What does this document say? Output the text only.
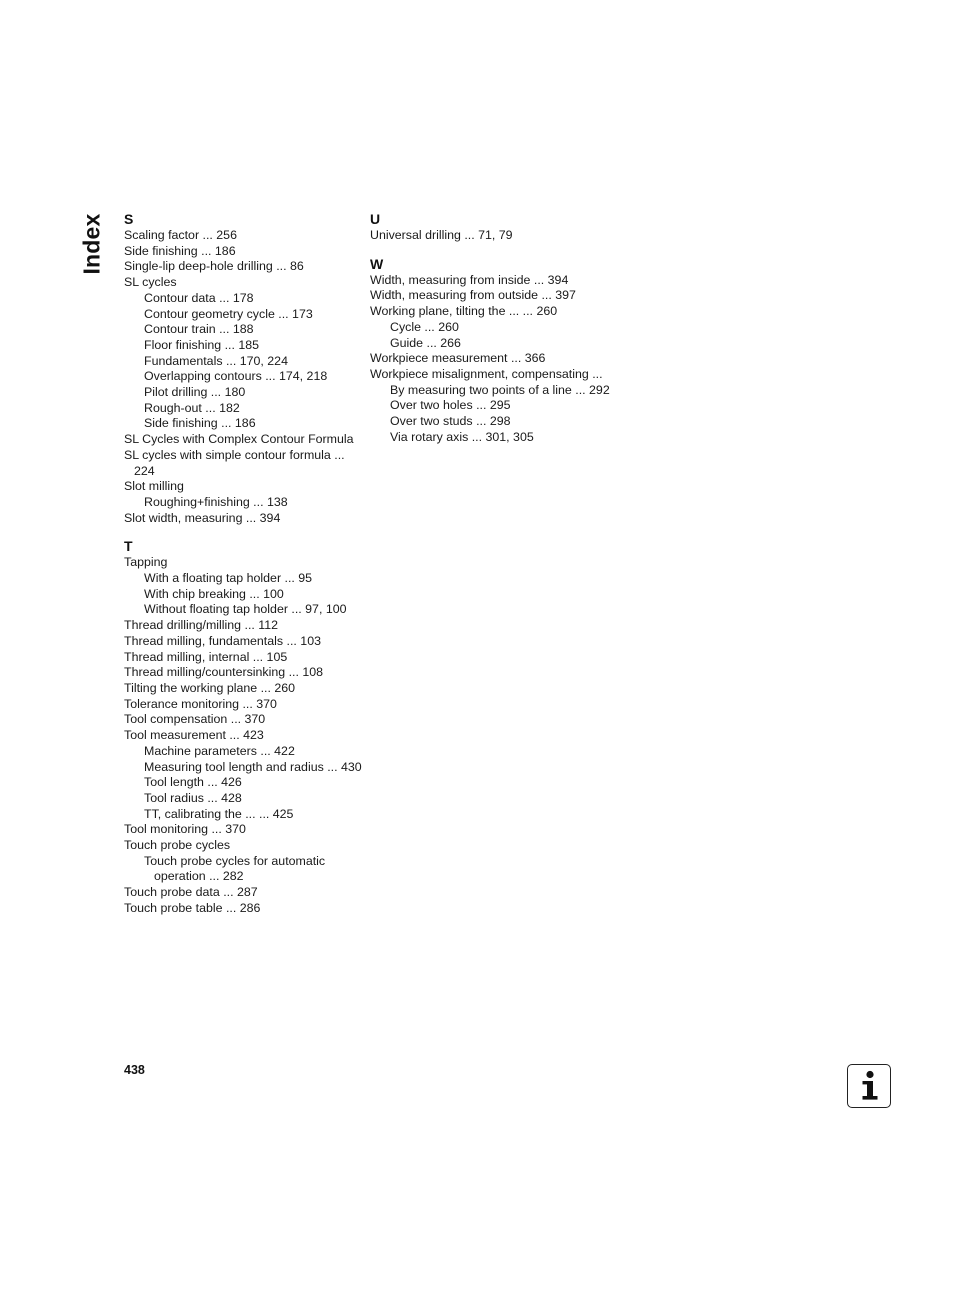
Index S
Scaling factor ... 256
Side finishing ... 186
Single-lip deep-hole drilling ... 86
SL cycles
Contour data ... 178
Contour geometry cycle ... 173
Contour train ... 188
Floor finishing ... 185
Fundamentals ... 170, 224
Overlapping contours ... 174, 218
Pilot drilling ... 180
Rough-out ... 182
Side finishing ... 186
SL Cycles with Complex Contour Formula
SL cycles with simple contour formula ... 224
Slot milling
Roughing+finishing ... 138
Slot width, measuring ... 394
T
Tapping
With a floating tap holder ... 95
With chip breaking ... 100
Without floating tap holder ... 97, 100
Thread drilling/milling ... 112
Thread milling, fundamentals ... 103
Thread milling, internal ... 105
Thread milling/countersinking ... 108
Tilting the working plane ... 260
Tolerance monitoring ... 370
Tool compensation ... 370
Tool measurement ... 423
Machine parameters ... 422
Measuring tool length and radius ... 430
Tool length ... 426
Tool radius ... 428
TT, calibrating the ... ... 425
Tool monitoring ... 370
Touch probe cycles
Touch probe cycles for automatic operation ... 282
Touch probe data ... 287
Touch probe table ... 286
U
Universal drilling ... 71, 79
W
Width, measuring from inside ... 394
Width, measuring from outside ... 397
Working plane, tilting the ... ... 260
Cycle ... 260
Guide ... 266
Workpiece measurement ... 366
Workpiece misalignment, compensating ...
By measuring two points of a line ... 292
Over two holes ... 295
Over two studs ... 298
Via rotary axis ... 301, 305
438
